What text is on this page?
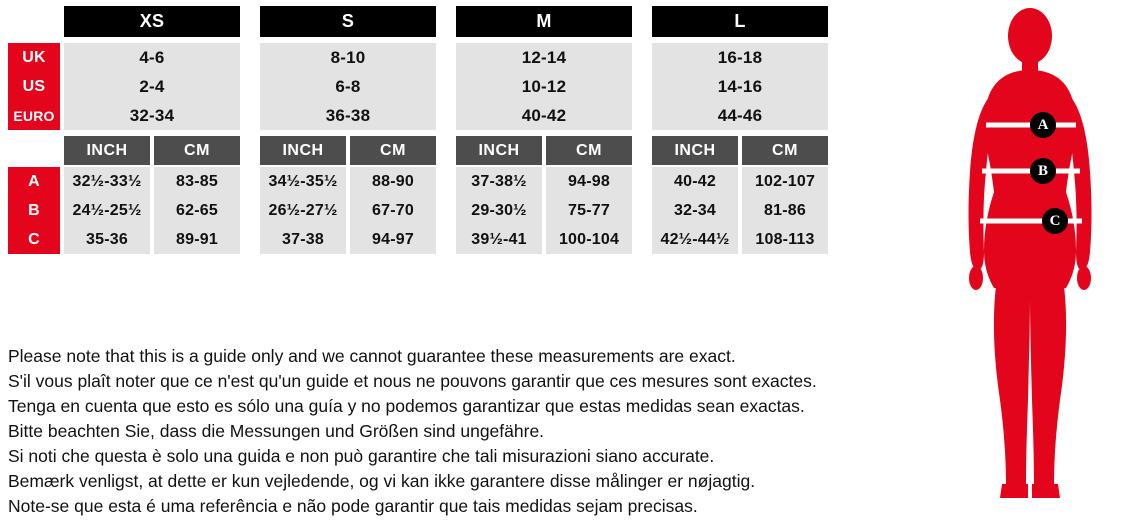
XS	S	M	L
UK	4-6	8-10	12-14	16-18
US	2-4	6-8	10-12	14-16
EURO	32-34	36-38	40-42	44-46
INCH	CM	INCH	CM	INCH	CM	INCH	CM
A	32½-33½	83-85	34½-35½	88-90	37-38½	94-98	40-42	102-107
B	24½-25½	62-65	26½-27½	67-70	29-30½	75-77	32-34	81-86
C	35-36	89-91	37-38	94-97	39½-41	100-104	42½-44½	108-113

Please note that this is a guide only and we cannot guarantee these measurements are exact.

S'il vous plaît noter que ce n'est qu'un guide et nous ne pouvons garantir que ces mesures sont exactes.

Tenga en cuenta que esto es sólo una guía y no podemos garantizar que estas medidas sean exactas.

Bitte beachten Sie, dass die Messungen und Größen sind ungefähre.

Si noti che questa è solo una guida e non può garantire che tali misurazioni siano accurate.

Bemærk venligst, at dette er kun vejledende, og vi kan ikke garantere disse målinger er nøjagtig.

Note-se que esta é uma referência e não pode garantir que tais medidas sejam precisas.

A
B
C
